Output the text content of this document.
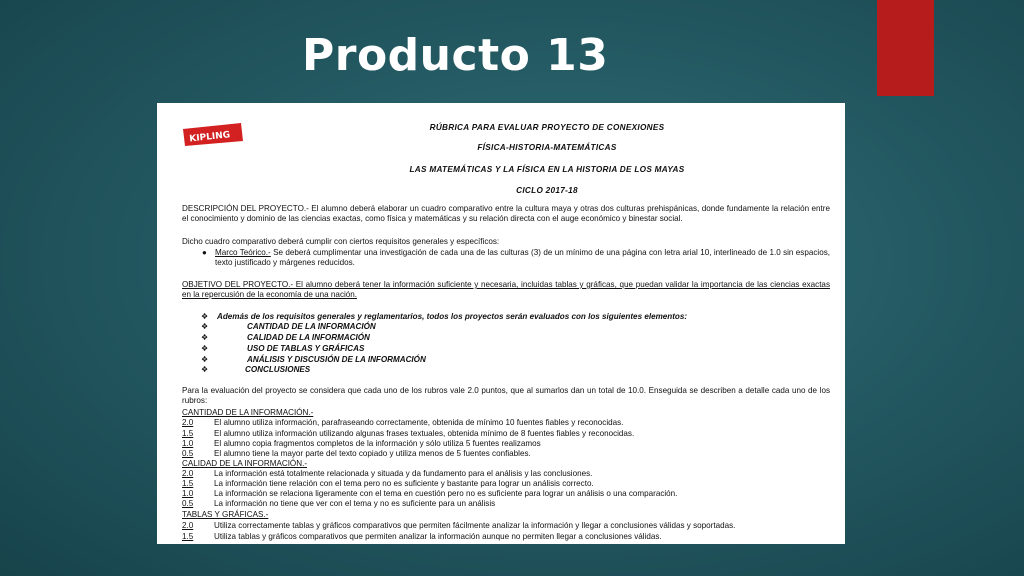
Producto 13
KIPLING
RÚBRICA PARA EVALUAR PROYECTO DE CONEXIONES
FÍSICA-HISTORIA-MATEMÁTICAS
LAS MATEMÁTICAS Y LA FÍSICA EN LA HISTORIA DE LOS MAYAS
CICLO 2017-18
DESCRIPCIÓN DEL PROYECTO.- El alumno deberá elaborar un cuadro comparativo entre la cultura maya y otras dos culturas prehispánicas, donde fundamente la relación entre el conocimiento y dominio de las ciencias exactas, como física y matemáticas y su relación directa con el auge económico y binestar social.
Dicho cuadro comparativo deberá cumplir con ciertos requisitos generales y específicos:
● Marco Teórico.- Se deberá cumplimentar una investigación de cada una de las culturas (3) de un mínimo de una página con letra arial 10, interlineado de 1.0 sin espacios, texto justificado y márgenes reducidos.
OBJETIVO DEL PROYECTO.- El alumno deberá tener la información suficiente y necesaria, incluidas tablas y gráficas, que puedan validar la importancia de las ciencias exactas en la repercusión de la economía de una nación.
❖ Además de los requisitos generales y reglamentarios, todos los proyectos serán evaluados con los siguientes elementos:
❖	CANTIDAD DE LA INFORMACIÓN
❖	CALIDAD DE LA INFORMACIÓN
❖	USO DE TABLAS Y GRÁFICAS
❖	ANÁLISIS Y DISCUSIÓN DE LA INFORMACIÓN
❖	CONCLUSIONES
Para la evaluación del proyecto se considera que cada uno de los rubros vale 2.0 puntos, que al sumarlos dan un total de 10.0. Enseguida se describen a detalle cada uno de los rubros:
CANTIDAD DE LA INFORMACIÓN.-
2.0	El alumno utiliza información, parafraseando correctamente, obtenida de mínimo 10 fuentes fiables y reconocidas.
1.5	El alumno utiliza información utilizando algunas frases textuales, obtenida mínimo de 8 fuentes fiables y reconocidas.
1.0	El alumno copia fragmentos completos de la información y sólo utiliza 5 fuentes realizamos
0.5	El alumno tiene la mayor parte del texto copiado y utiliza menos de 5 fuentes confiables.
CALIDAD DE LA INFORMACIÓN.-
2.0	La información está totalmente relacionada y situada y da fundamento para el análisis y las conclusiones.
1.5	La información tiene relación con el tema pero no es suficiente y bastante para lograr un análisis correcto.
1.0	La información se relaciona ligeramente con el tema en cuestión pero no es suficiente para lograr un análisis o una comparación.
0.5	La información no tiene que ver con el tema y no es suficiente para un análisis
TABLAS Y GRÁFICAS.-
2.0	Utiliza correctamente tablas y gráficos comparativos que permiten fácilmente analizar la información y llegar a conclusiones válidas y soportadas.
1.5	Utiliza tablas y gráficos comparativos que permiten analizar la información aunque no permiten llegar a conclusiones válidas.
